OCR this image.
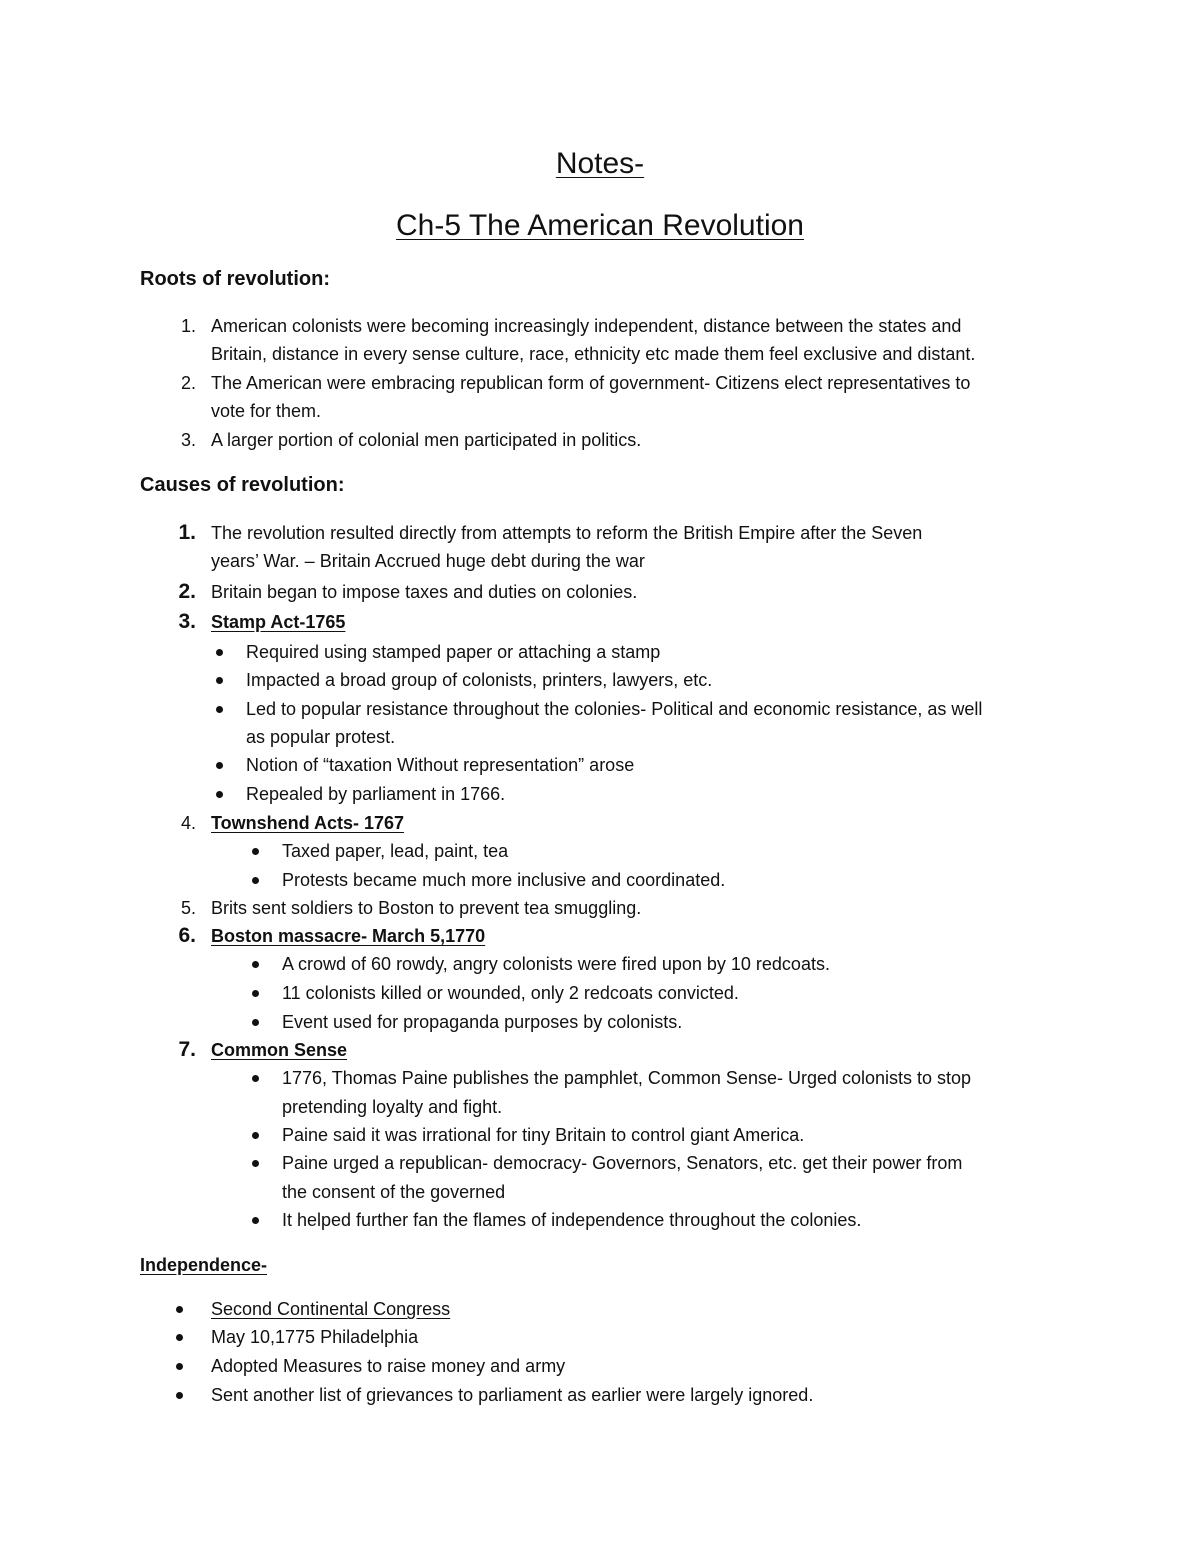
Notes-
Ch-5 The American Revolution
Roots of revolution:
1. American colonists were becoming increasingly independent, distance between the states and
Britain, distance in every sense culture, race, ethnicity etc made them feel exclusive and distant.
2. The American were embracing republican form of government- Citizens elect representatives to
vote for them.
3. A larger portion of colonial men participated in politics.
Causes of revolution:
1. The revolution resulted directly from attempts to reform the British Empire after the Seven
years’ War. – Britain Accrued huge debt during the war
2. Britain began to impose taxes and duties on colonies.
3. Stamp Act-1765
Required using stamped paper or attaching a stamp
Impacted a broad group of colonists, printers, lawyers, etc.
Led to popular resistance throughout the colonies- Political and economic resistance, as well
as popular protest.
Notion of “taxation Without representation” arose
Repealed by parliament in 1766.
4. Townshend Acts- 1767
Taxed paper, lead, paint, tea
Protests became much more inclusive and coordinated.
5. Brits sent soldiers to Boston to prevent tea smuggling.
6. Boston massacre- March 5,1770
A crowd of 60 rowdy, angry colonists were fired upon by 10 redcoats.
11 colonists killed or wounded, only 2 redcoats convicted.
Event used for propaganda purposes by colonists.
7. Common Sense
1776, Thomas Paine publishes the pamphlet, Common Sense- Urged colonists to stop
pretending loyalty and fight.
Paine said it was irrational for tiny Britain to control giant America.
Paine urged a republican- democracy- Governors, Senators, etc. get their power from
the consent of the governed
It helped further fan the flames of independence throughout the colonies.
Independence-
Second Continental Congress
May 10,1775 Philadelphia
Adopted Measures to raise money and army
Sent another list of grievances to parliament as earlier were largely ignored.
